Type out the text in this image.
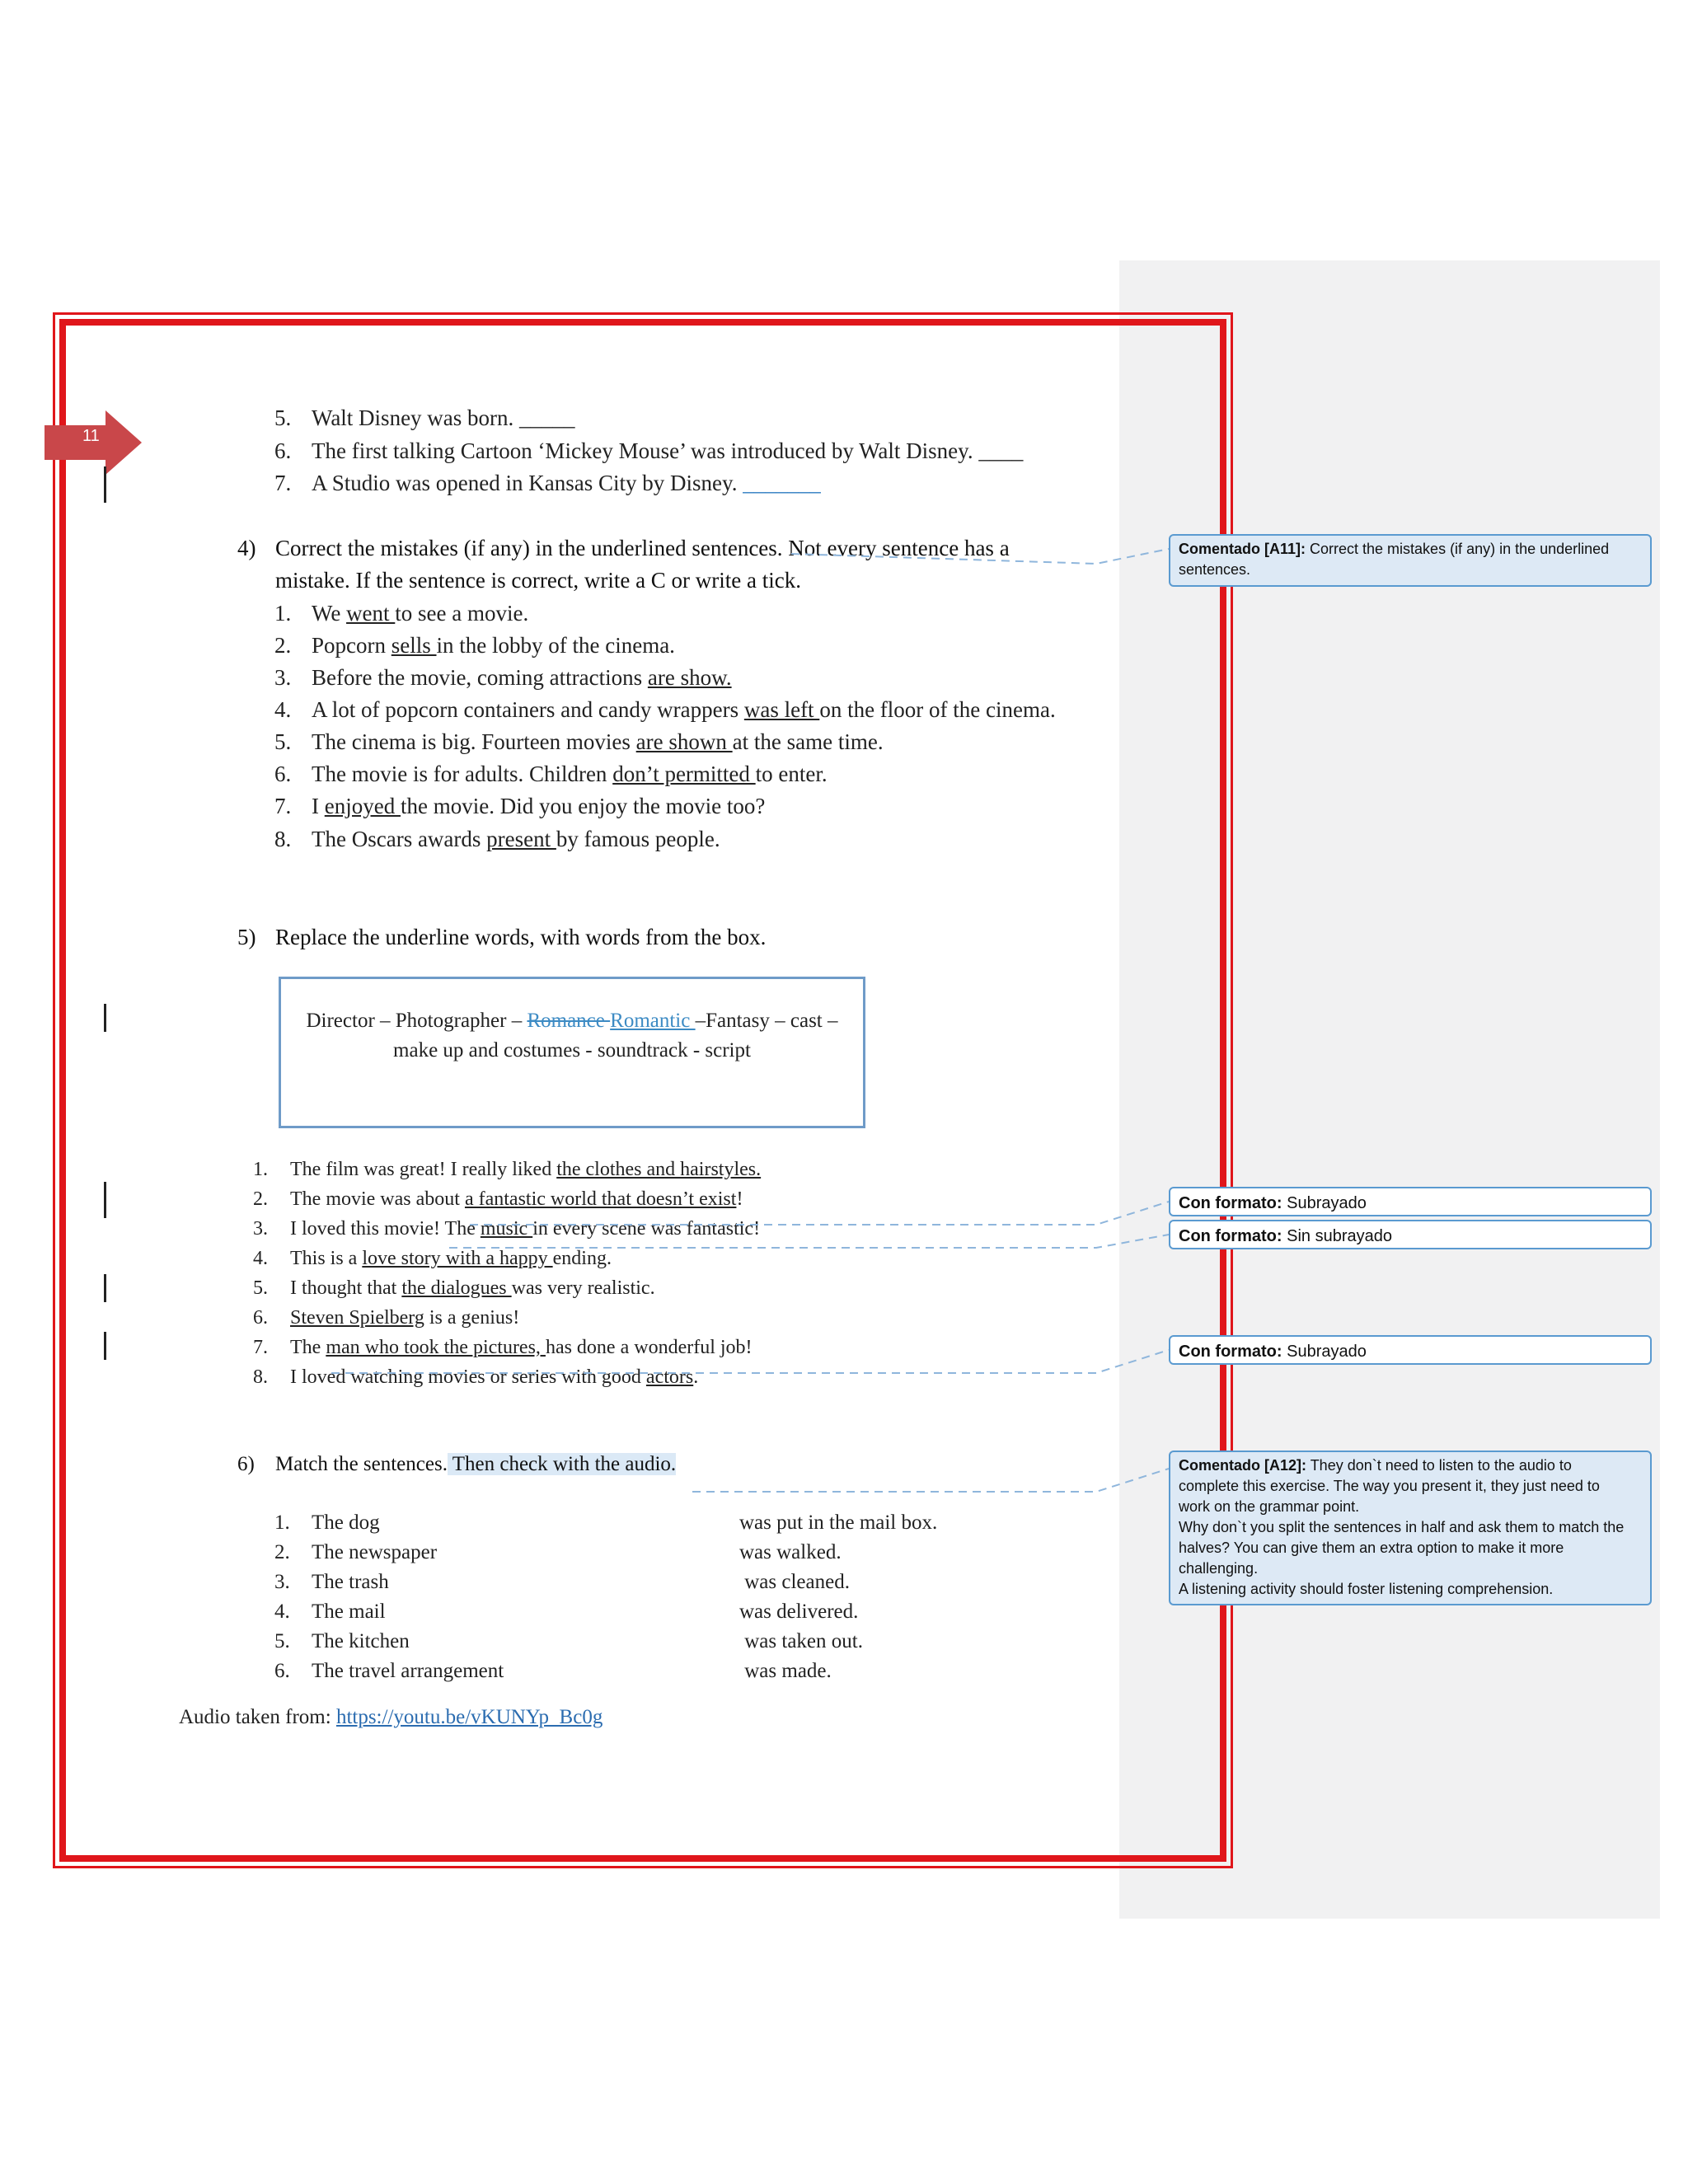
11
5. Walt Disney was born. _____
6. The first talking Cartoon ‘Mickey Mouse’ was introduced by Walt Disney. ____
7. A Studio was opened in Kansas City by Disney. _______
4) Correct the mistakes (if any) in the underlined sentences. Not every sentence has a
mistake. If the sentence is correct, write a C or write a tick.
1. We went to see a movie.
2. Popcorn sells in the lobby of the cinema.
3. Before the movie, coming attractions are show.
4. A lot of popcorn containers and candy wrappers was left on the floor of the cinema.
5. The cinema is big. Fourteen movies are shown at the same time.
6. The movie is for adults. Children don’t permitted to enter.
7. I enjoyed the movie. Did you enjoy the movie too?
8. The Oscars awards present by famous people.
5) Replace the underline words, with words from the box.
Director – Photographer – Romance Romantic –Fantasy – cast –
make up and costumes - soundtrack - script
1. The film was great! I really liked the clothes and hairstyles.
2. The movie was about a fantastic world that doesn’t exist!
3. I loved this movie! The music in every scene was fantastic!
4. This is a love story with a happy ending.
5. I thought that the dialogues was very realistic.
6. Steven Spielberg is a genius!
7. The man who took the pictures, has done a wonderful job!
8. I loved watching movies or series with good actors.
6) Match the sentences. Then check with the audio.
1. The dog
2. The newspaper
3. The trash
4. The mail
5. The kitchen
6. The travel arrangement
was put in the mail box.
was walked.
was cleaned.
was delivered.
was taken out.
was made.
Audio taken from: https://youtu.be/vKUNYp_Bc0g
Comentado [A11]: Correct the mistakes (if any) in the underlined sentences.
Con formato: Subrayado
Con formato: Sin subrayado
Con formato: Subrayado
Comentado [A12]: They don`t need to listen to the audio to
complete this exercise. The way you present it, they just need to
work on the grammar point.
Why don`t you split the sentences in half and ask them to match the
halves? You can give them an extra option to make it more
challenging.
A listening activity should foster listening comprehension.
